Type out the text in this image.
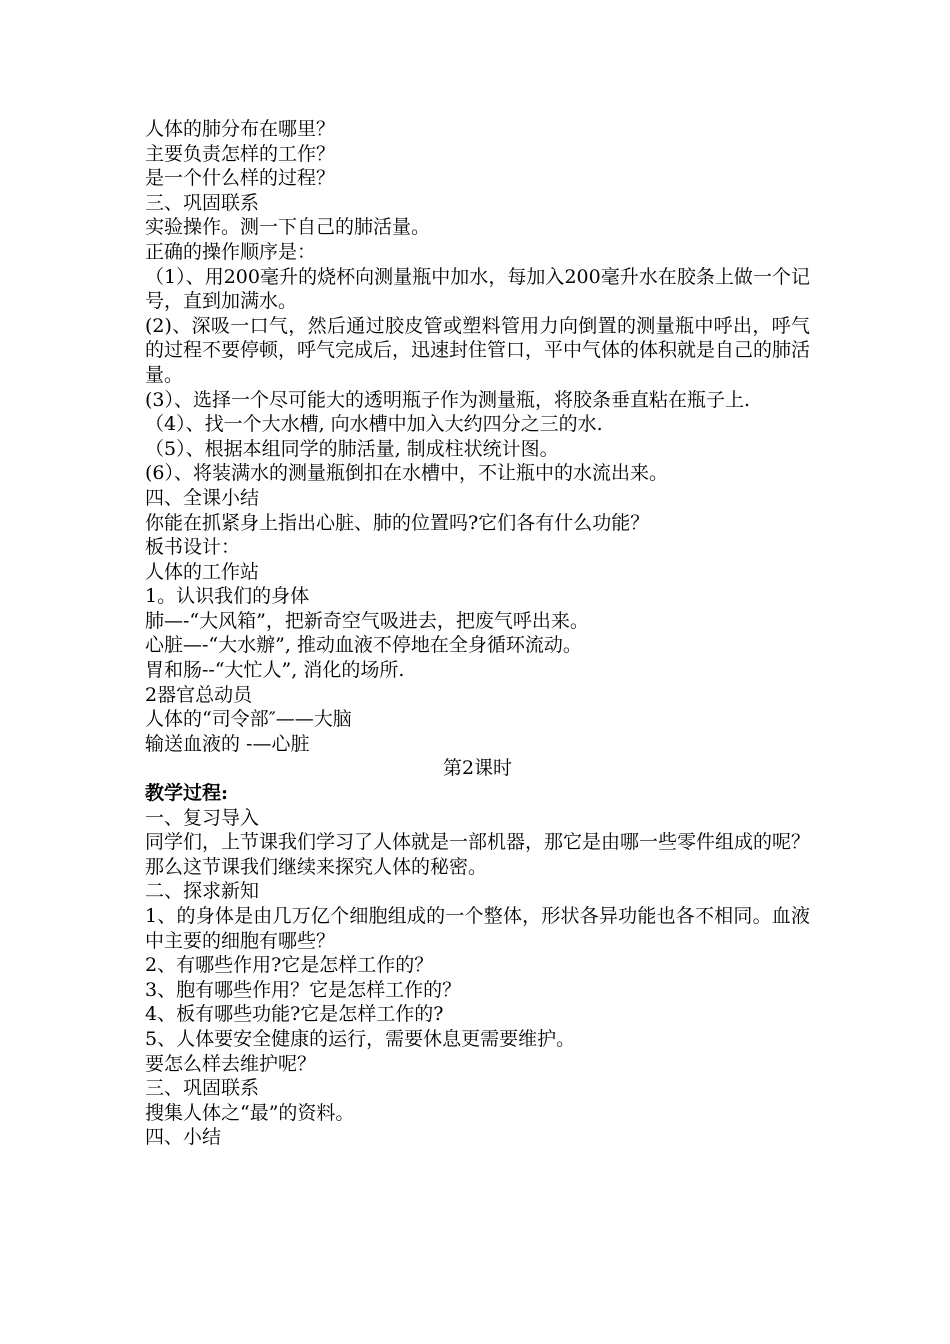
人体的肺分布在哪里？
主要负责怎样的工作？
是一个什么样的过程？
三、巩固联系
实验操作。测一下自己的肺活量。
正确的操作顺序是：
（1）、用200毫升的烧杯向测量瓶中加水，每加入200毫升水在胶条上做一个记号，直到加满水。
(2)、深吸一口气，然后通过胶皮管或塑料管用力向倒置的测量瓶中呼出，呼气的过程不要停顿，呼气完成后，迅速封住管口，平中气体的体积就是自己的肺活量。
(3）、选择一个尽可能大的透明瓶子作为测量瓶，将胶条垂直粘在瓶子上.
（4）、找一个大水槽, 向水槽中加入大约四分之三的水.
（5）、根据本组同学的肺活量, 制成柱状统计图。
(6）、将装满水的测量瓶倒扣在水槽中，不让瓶中的水流出来。
四、全课小结
你能在抓紧身上指出心脏、肺的位置吗?它们各有什么功能？
板书设计：
人体的工作站
1。认识我们的身体
肺—-“大风箱”，把新奇空气吸进去，把废气呼出来。
心脏—-“大水辦”, 推动血液不停地在全身循环流动。
胃和肠--“大忙人”, 消化的场所.
2器官总动员
人体的“司令部″——大脑
输送血液的 -—心脏
第2课时
教学过程:
一、复习导入
同学们，上节课我们学习了人体就是一部机器，那它是由哪一些零件组成的呢？那么这节课我们继续来探究人体的秘密。
二、探求新知
1、的身体是由几万亿个细胞组成的一个整体，形状各异功能也各不相同。血液中主要的细胞有哪些？
2、有哪些作用?它是怎样工作的？
3、胞有哪些作用？它是怎样工作的？
4、板有哪些功能?它是怎样工作的?
5、人体要安全健康的运行，需要休息更需要维护。
要怎么样去维护呢？
三、巩固联系
搜集人体之“最”的资料。
四、小结
